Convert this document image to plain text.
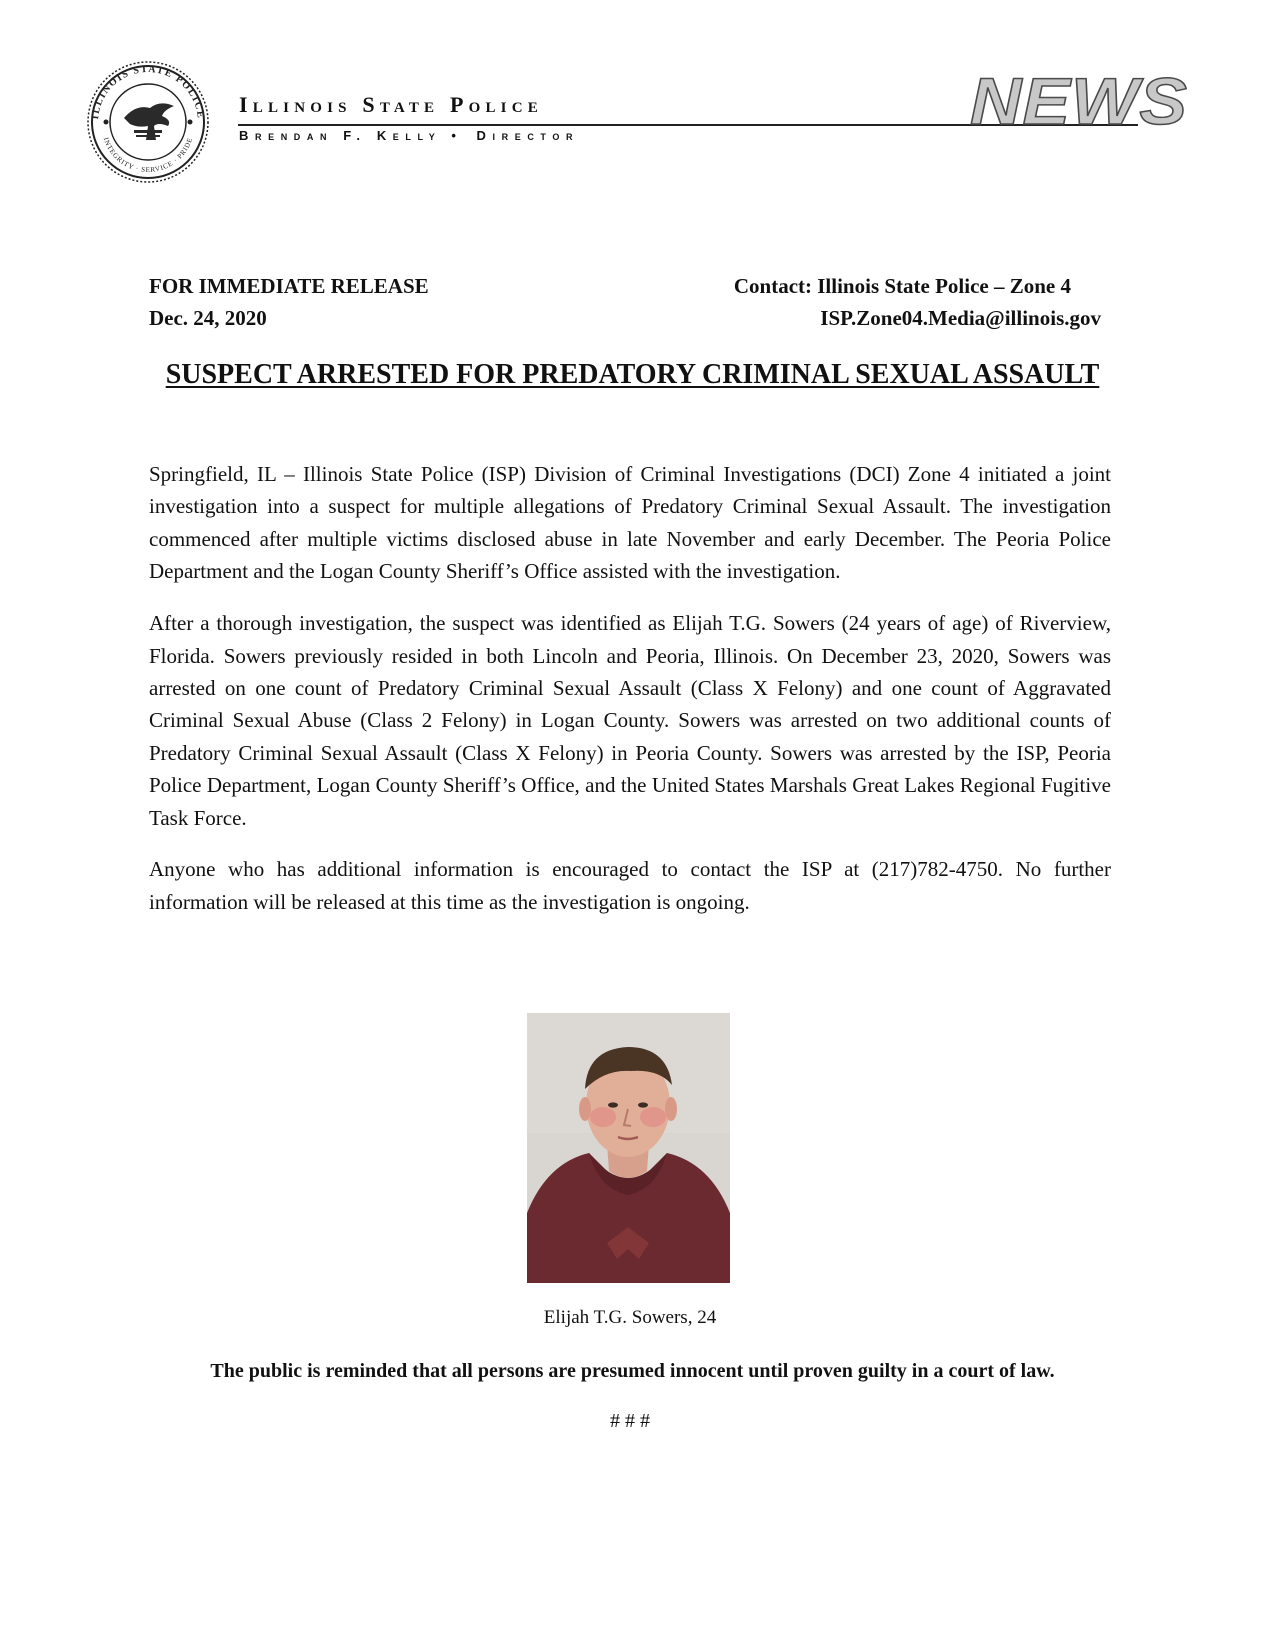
ILLINOIS STATE POLICE
INTEGRITY · SERVICE · PRIDE
Illinois State Police
Brendan F. Kelly • Director	NEWS
FOR IMMEDIATE RELEASE
Dec. 24, 2020
Contact: Illinois State Police – Zone 4
ISP.Zone04.Media@illinois.gov
SUSPECT ARRESTED FOR PREDATORY CRIMINAL SEXUAL ASSAULT

Springfield, IL – Illinois State Police (ISP) Division of Criminal Investigations (DCI) Zone 4 initiated a joint investigation into a suspect for multiple allegations of Predatory Criminal Sexual Assault. The investigation commenced after multiple victims disclosed abuse in late November and early December. The Peoria Police Department and the Logan County Sheriff’s Office assisted with the investigation.

After a thorough investigation, the suspect was identified as Elijah T.G. Sowers (24 years of age) of Riverview, Florida. Sowers previously resided in both Lincoln and Peoria, Illinois. On December 23, 2020, Sowers was arrested on one count of Predatory Criminal Sexual Assault (Class X Felony) and one count of Aggravated Criminal Sexual Abuse (Class 2 Felony) in Logan County. Sowers was arrested on two additional counts of Predatory Criminal Sexual Assault (Class X Felony) in Peoria County. Sowers was arrested by the ISP, Peoria Police Department, Logan County Sheriff’s Office, and the United States Marshals Great Lakes Regional Fugitive Task Force.

Anyone who has additional information is encouraged to contact the ISP at (217)782-4750. No further information will be released at this time as the investigation is ongoing.

Elijah T.G. Sowers, 24
The public is reminded that all persons are presumed innocent until proven guilty in a court of law.
# # #
